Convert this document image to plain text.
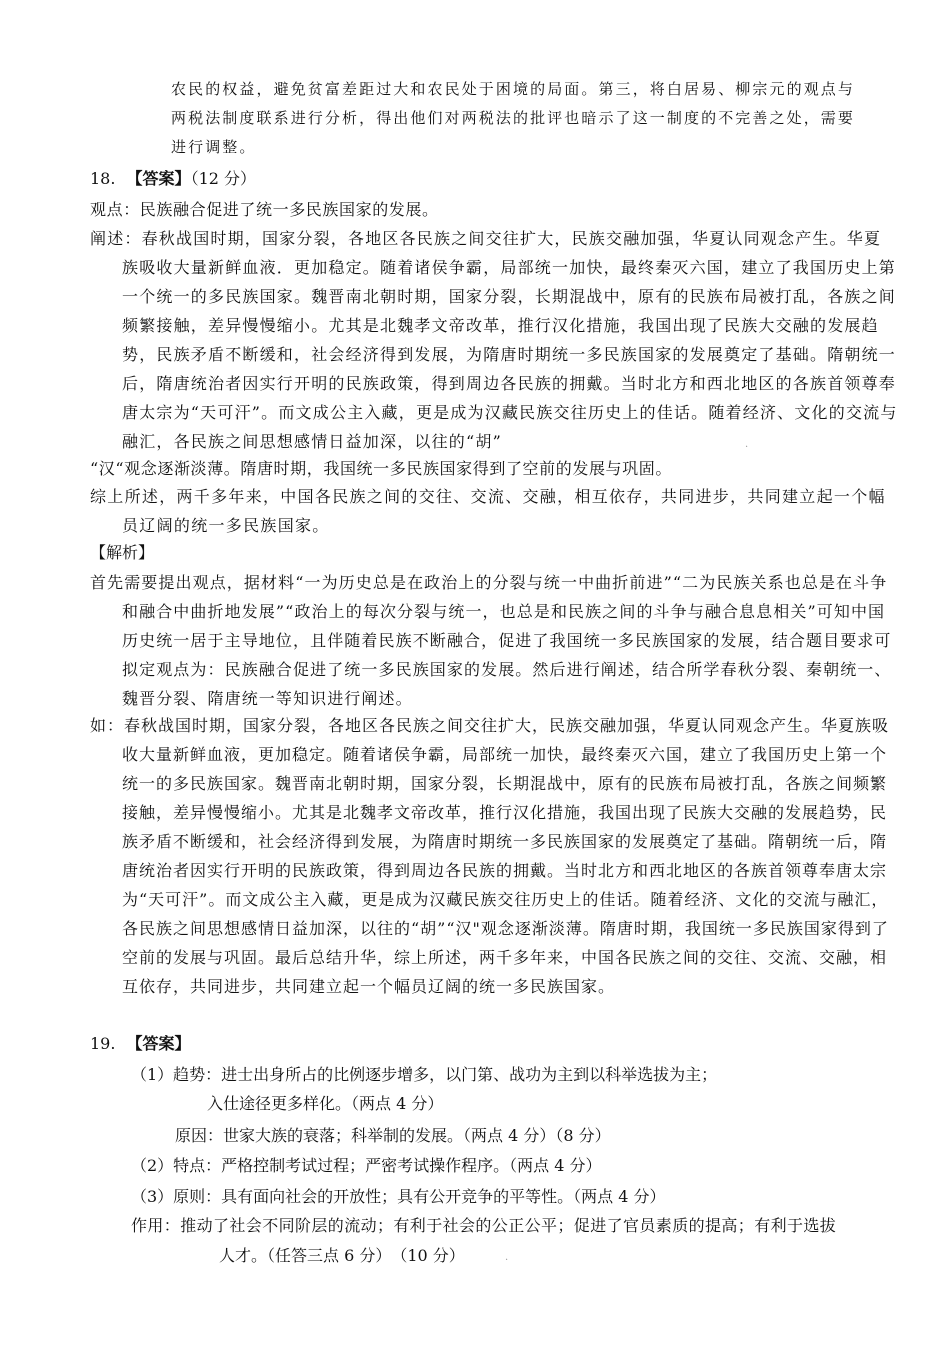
农民的权益，避免贫富差距过大和农民处于困境的局面。第三，将白居易、柳宗元的观点与两税法制度联系进行分析，得出他们对两税法的批评也暗示了这一制度的不完善之处，需要进行调整。
18. 【答案】（12 分）
观点：民族融合促进了统一多民族国家的发展。
阐述：春秋战国时期，国家分裂，各地区各民族之间交往扩大，民族交融加强，华夏认同观念产生。华夏族吸收大量新鲜血液．更加稳定。随着诸侯争霸，局部统一加快，最终秦灭六国，建立了我国历史上第一个统一的多民族国家。魏晋南北朝时期，国家分裂，长期混战中，原有的民族布局被打乱，各族之间频繁接触，差异慢慢缩小。尤其是北魏孝文帝改革，推行汉化措施，我国出现了民族大交融的发展趋势，民族矛盾不断缓和，社会经济得到发展，为隋唐时期统一多民族国家的发展奠定了基础。隋朝统一后，隋唐统治者因实行开明的民族政策，得到周边各民族的拥戴。当时北方和西北地区的各族首领尊奉唐太宗为“天可汗”。而文成公主入藏，更是成为汉藏民族交往历史上的佳话。随着经济、文化的交流与融汇，各民族之间思想感情日益加深，以往的“胡”	.
“汉“观念逐渐淡薄。隋唐时期，我国统一多民族国家得到了空前的发展与巩固。
综上所述，两千多年来，中国各民族之间的交往、交流、交融，相互依存，共同进步，共同建立起一个幅员辽阔的统一多民族国家。
【解析】
首先需要提出观点，据材料“一为历史总是在政治上的分裂与统一中曲折前进”“二为民族关系也总是在斗争和融合中曲折地发展”“政治上的每次分裂与统一，也总是和民族之间的斗争与融合息息相关”可知中国历史统一居于主导地位，且伴随着民族不断融合，促进了我国统一多民族国家的发展，结合题目要求可拟定观点为：民族融合促进了统一多民族国家的发展。然后进行阐述，结合所学春秋分裂、秦朝统一、魏晋分裂、隋唐统一等知识进行阐述。
如：春秋战国时期，国家分裂，各地区各民族之间交往扩大，民族交融加强，华夏认同观念产生。华夏族吸收大量新鲜血液，更加稳定。随着诸侯争霸，局部统一加快，最终秦灭六国，建立了我国历史上第一个统一的多民族国家。魏晋南北朝时期，国家分裂，长期混战中，原有的民族布局被打乱，各族之间频繁接触，差异慢慢缩小。尤其是北魏孝文帝改革，推行汉化措施，我国出现了民族大交融的发展趋势，民族矛盾不断缓和，社会经济得到发展，为隋唐时期统一多民族国家的发展奠定了基础。隋朝统一后，隋唐统治者因实行开明的民族政策，得到周边各民族的拥戴。当时北方和西北地区的各族首领尊奉唐太宗为“天可汗”。而文成公主入藏，更是成为汉藏民族交往历史上的佳话。随着经济、文化的交流与融汇，各民族之间思想感情日益加深，以往的“胡”“汉"观念逐渐淡薄。隋唐时期，我国统一多民族国家得到了空前的发展与巩固。最后总结升华，综上所述，两千多年来，中国各民族之间的交往、交流、交融，相互依存，共同进步，共同建立起一个幅员辽阔的统一多民族国家。
19. 【答案】
（1）趋势：进士出身所占的比例逐步增多，以门第、战功为主到以科举选拔为主；
入仕途径更多样化。（两点 4 分）
原因：世家大族的衰落；科举制的发展。（两点 4 分）（8 分）
（2）特点：严格控制考试过程；严密考试操作程序。（两点 4 分）
（3）原则：具有面向社会的开放性；具有公开竞争的平等性。（两点 4 分）
作用：推动了社会不同阶层的流动；有利于社会的公正公平；促进了官员素质的提高；有利于选拔
人才。（任答三点 6 分）　（10 分）	.
